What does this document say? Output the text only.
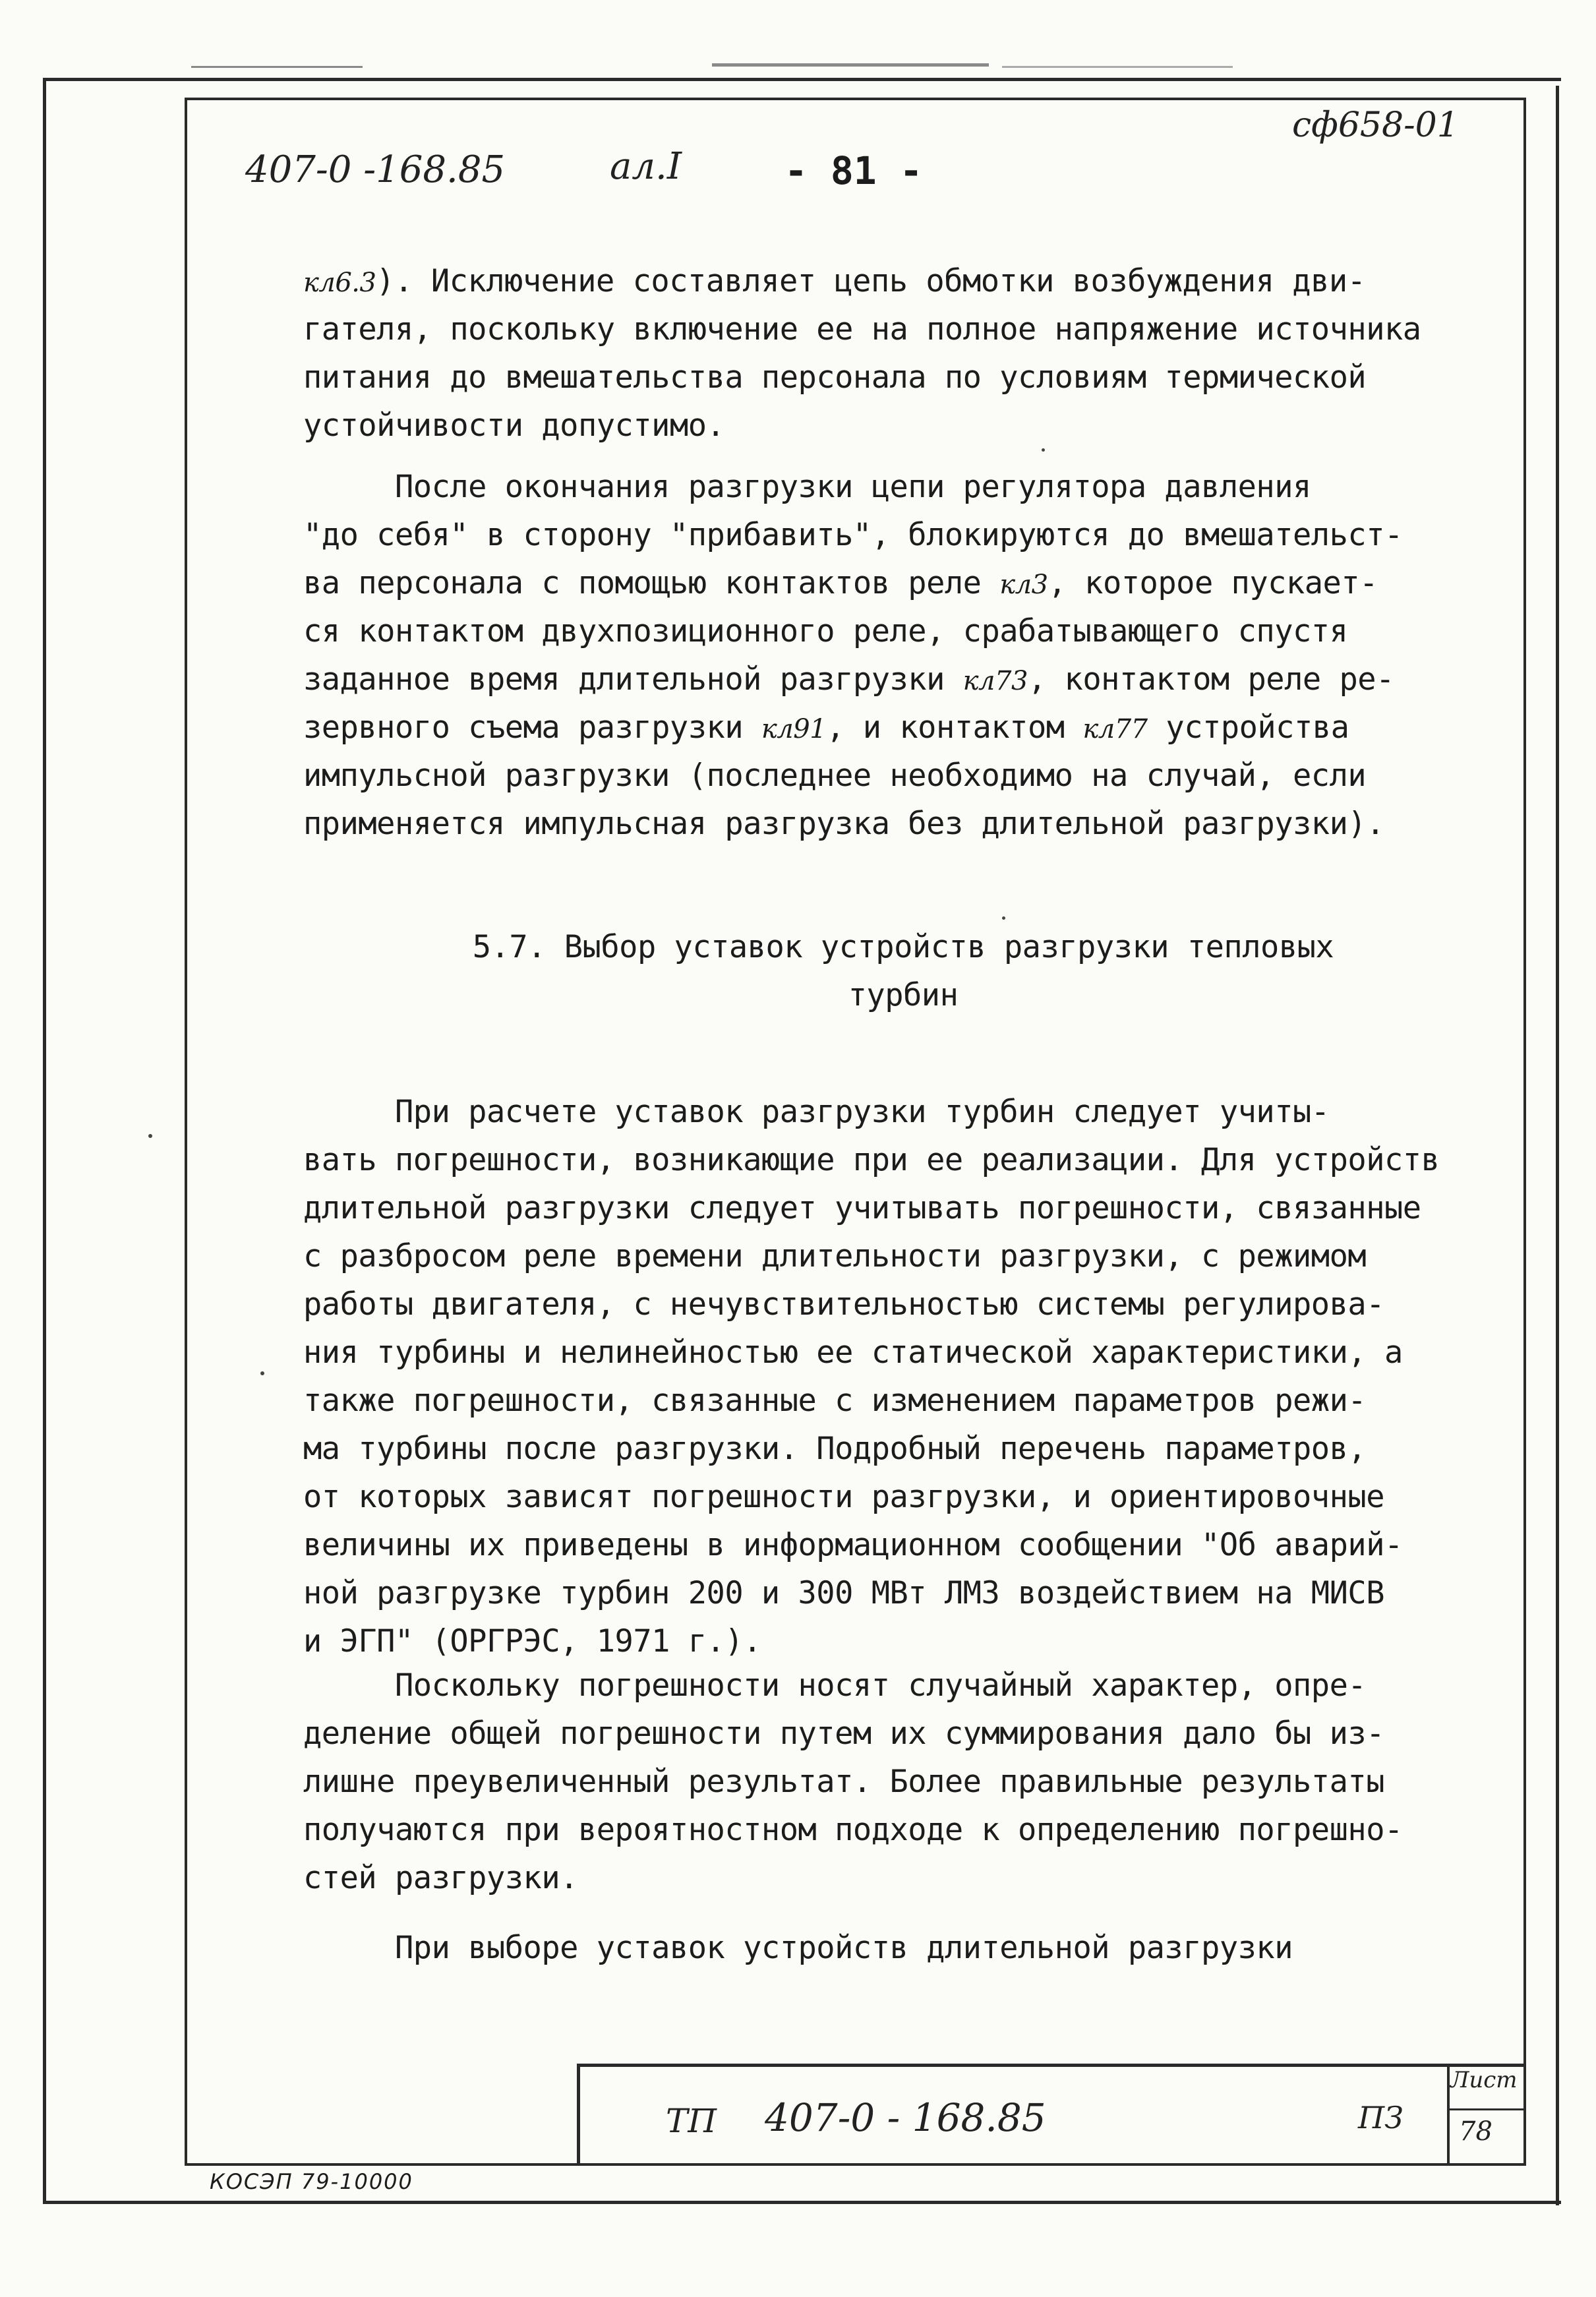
сф658-01
407-0 -168.85	ал.I	- 81 -
кл6.3). Исключение составляет цепь обмотки возбуждения дви-
гателя, поскольку включение ее на полное напряжение источника
питания до вмешательства персонала по условиям термической
устойчивости допустимо.
После окончания разгрузки цепи регулятора давления
"до себя" в сторону "прибавить", блокируются до вмешательст-
ва персонала с помощью контактов реле кл3, которое пускает-
ся контактом двухпозиционного реле, срабатывающего спустя
заданное время длительной разгрузки кл73, контактом реле ре-
зервного съема разгрузки кл91, и контактом кл77 устройства
импульсной разгрузки (последнее необходимо на случай, если
применяется импульсная разгрузка без длительной разгрузки).
5.7. Выбор уставок устройств разгрузки тепловых
турбин
При расчете уставок разгрузки турбин следует учиты-
вать погрешности, возникающие при ее реализации. Для устройств
длительной разгрузки следует учитывать погрешности, связанные
с разбросом реле времени длительности разгрузки, с режимом
работы двигателя, с нечувствительностью системы регулирова-
ния турбины и нелинейностью ее статической характеристики, а
также погрешности, связанные с изменением параметров режи-
ма турбины после разгрузки. Подробный перечень параметров,
от которых зависят погрешности разгрузки, и ориентировочные
величины их приведены в информационном сообщении "Об аварий-
ной разгрузке турбин 200 и 300 МВт ЛМЗ воздействием на МИСВ
и ЭГП" (ОРГРЭС, 1971 г.).
Поскольку погрешности носят случайный характер, опре-
деление общей погрешности путем их суммирования дало бы из-
лишне преувеличенный результат. Более правильные результаты
получаются при вероятностном подходе к определению погрешно-
стей разгрузки.
При выборе уставок устройств длительной разгрузки
ТП 407-0 - 168.85	ПЗ
Лист
78
КОСЭП 79-10000
